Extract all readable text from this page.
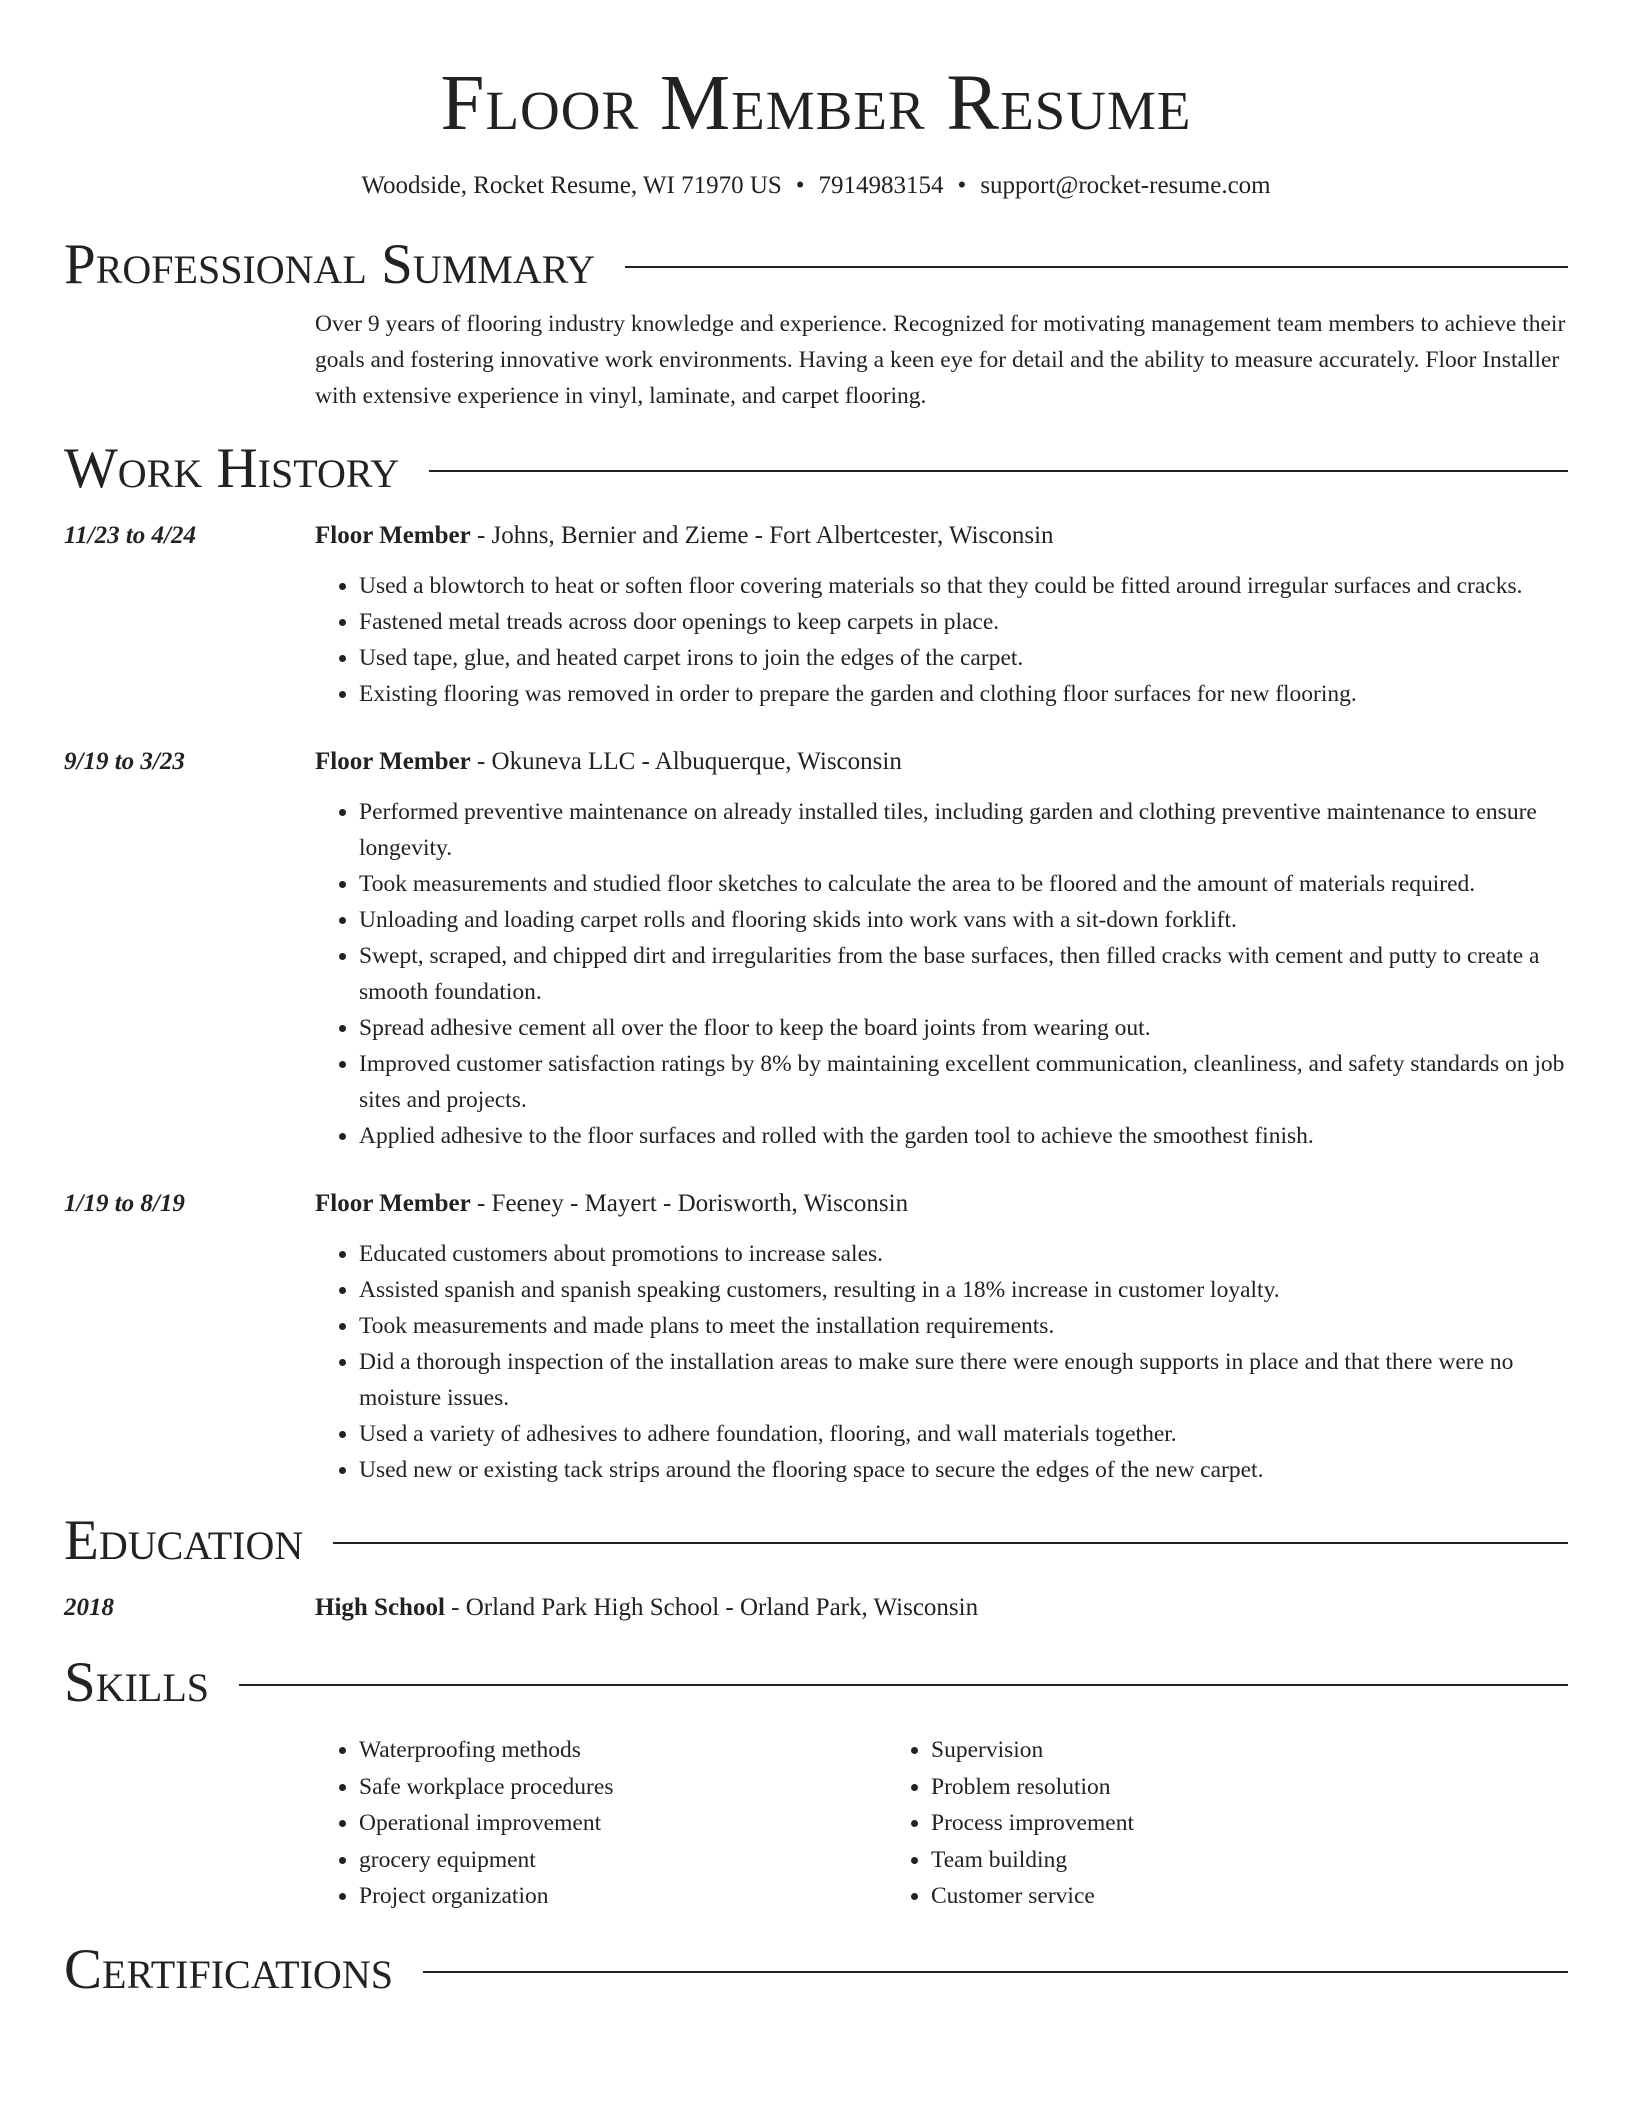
Floor Member Resume
Woodside, Rocket Resume, WI 71970 US • 7914983154 • support@rocket-resume.com
Professional Summary
Over 9 years of flooring industry knowledge and experience. Recognized for motivating management team members to achieve their goals and fostering innovative work environments. Having a keen eye for detail and the ability to measure accurately. Floor Installer with extensive experience in vinyl, laminate, and carpet flooring.
Work History
11/23 to 4/24	Floor Member - Johns, Bernier and Zieme - Fort Albertcester, Wisconsin
• Used a blowtorch to heat or soften floor covering materials so that they could be fitted around irregular surfaces and cracks.
• Fastened metal treads across door openings to keep carpets in place.
• Used tape, glue, and heated carpet irons to join the edges of the carpet.
• Existing flooring was removed in order to prepare the garden and clothing floor surfaces for new flooring.
9/19 to 3/23	Floor Member - Okuneva LLC - Albuquerque, Wisconsin
• Performed preventive maintenance on already installed tiles, including garden and clothing preventive maintenance to ensure longevity.
• Took measurements and studied floor sketches to calculate the area to be floored and the amount of materials required.
• Unloading and loading carpet rolls and flooring skids into work vans with a sit-down forklift.
• Swept, scraped, and chipped dirt and irregularities from the base surfaces, then filled cracks with cement and putty to create a smooth foundation.
• Spread adhesive cement all over the floor to keep the board joints from wearing out.
• Improved customer satisfaction ratings by 8% by maintaining excellent communication, cleanliness, and safety standards on job sites and projects.
• Applied adhesive to the floor surfaces and rolled with the garden tool to achieve the smoothest finish.
1/19 to 8/19	Floor Member - Feeney - Mayert - Dorisworth, Wisconsin
• Educated customers about promotions to increase sales.
• Assisted spanish and spanish speaking customers, resulting in a 18% increase in customer loyalty.
• Took measurements and made plans to meet the installation requirements.
• Did a thorough inspection of the installation areas to make sure there were enough supports in place and that there were no moisture issues.
• Used a variety of adhesives to adhere foundation, flooring, and wall materials together.
• Used new or existing tack strips around the flooring space to secure the edges of the new carpet.
Education
2018	High School - Orland Park High School - Orland Park, Wisconsin
Skills
• Waterproofing methods
• Safe workplace procedures
• Operational improvement
• grocery equipment
• Project organization
• Supervision
• Problem resolution
• Process improvement
• Team building
• Customer service
Certifications
